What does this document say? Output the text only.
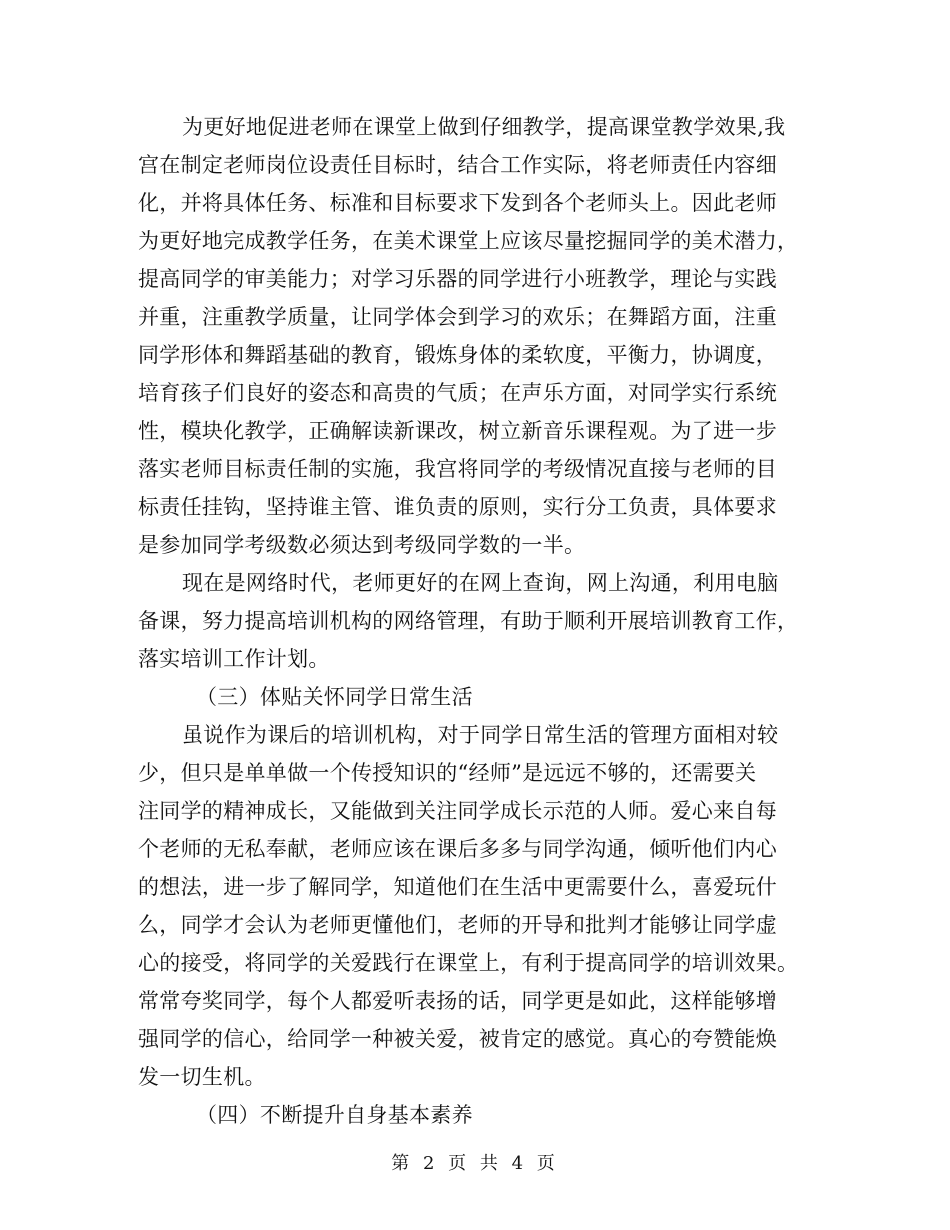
为更好地促进老师在课堂上做到仔细教学，提高课堂教学效果,我
宫在制定老师岗位设责任目标时，结合工作实际，将老师责任内容细
化，并将具体任务、标准和目标要求下发到各个老师头上。因此老师
为更好地完成教学任务，在美术课堂上应该尽量挖掘同学的美术潜力，
提高同学的审美能力；对学习乐器的同学进行小班教学，理论与实践
并重，注重教学质量，让同学体会到学习的欢乐；在舞蹈方面，注重
同学形体和舞蹈基础的教育，锻炼身体的柔软度，平衡力，协调度，
培育孩子们良好的姿态和高贵的气质；在声乐方面，对同学实行系统
性，模块化教学，正确解读新课改，树立新音乐课程观。为了进一步
落实老师目标责任制的实施，我宫将同学的考级情况直接与老师的目
标责任挂钩，坚持谁主管、谁负责的原则，实行分工负责，具体要求
是参加同学考级数必须达到考级同学数的一半。
现在是网络时代，老师更好的在网上查询，网上沟通，利用电脑
备课，努力提高培训机构的网络管理，有助于顺利开展培训教育工作，
落实培训工作计划。
（三）体贴关怀同学日常生活
虽说作为课后的培训机构，对于同学日常生活的管理方面相对较
少，但只是单单做一个传授知识的“经师”是远远不够的，还需要关
注同学的精神成长，又能做到关注同学成长示范的人师。爱心来自每
个老师的无私奉献，老师应该在课后多多与同学沟通，倾听他们内心
的想法，进一步了解同学，知道他们在生活中更需要什么，喜爱玩什
么，同学才会认为老师更懂他们，老师的开导和批判才能够让同学虚
心的接受，将同学的关爱践行在课堂上，有利于提高同学的培训效果。
常常夸奖同学，每个人都爱听表扬的话，同学更是如此，这样能够增
强同学的信心，给同学一种被关爱，被肯定的感觉。真心的夸赞能焕
发一切生机。
（四）不断提升自身基本素养
第 2 页 共 4 页
